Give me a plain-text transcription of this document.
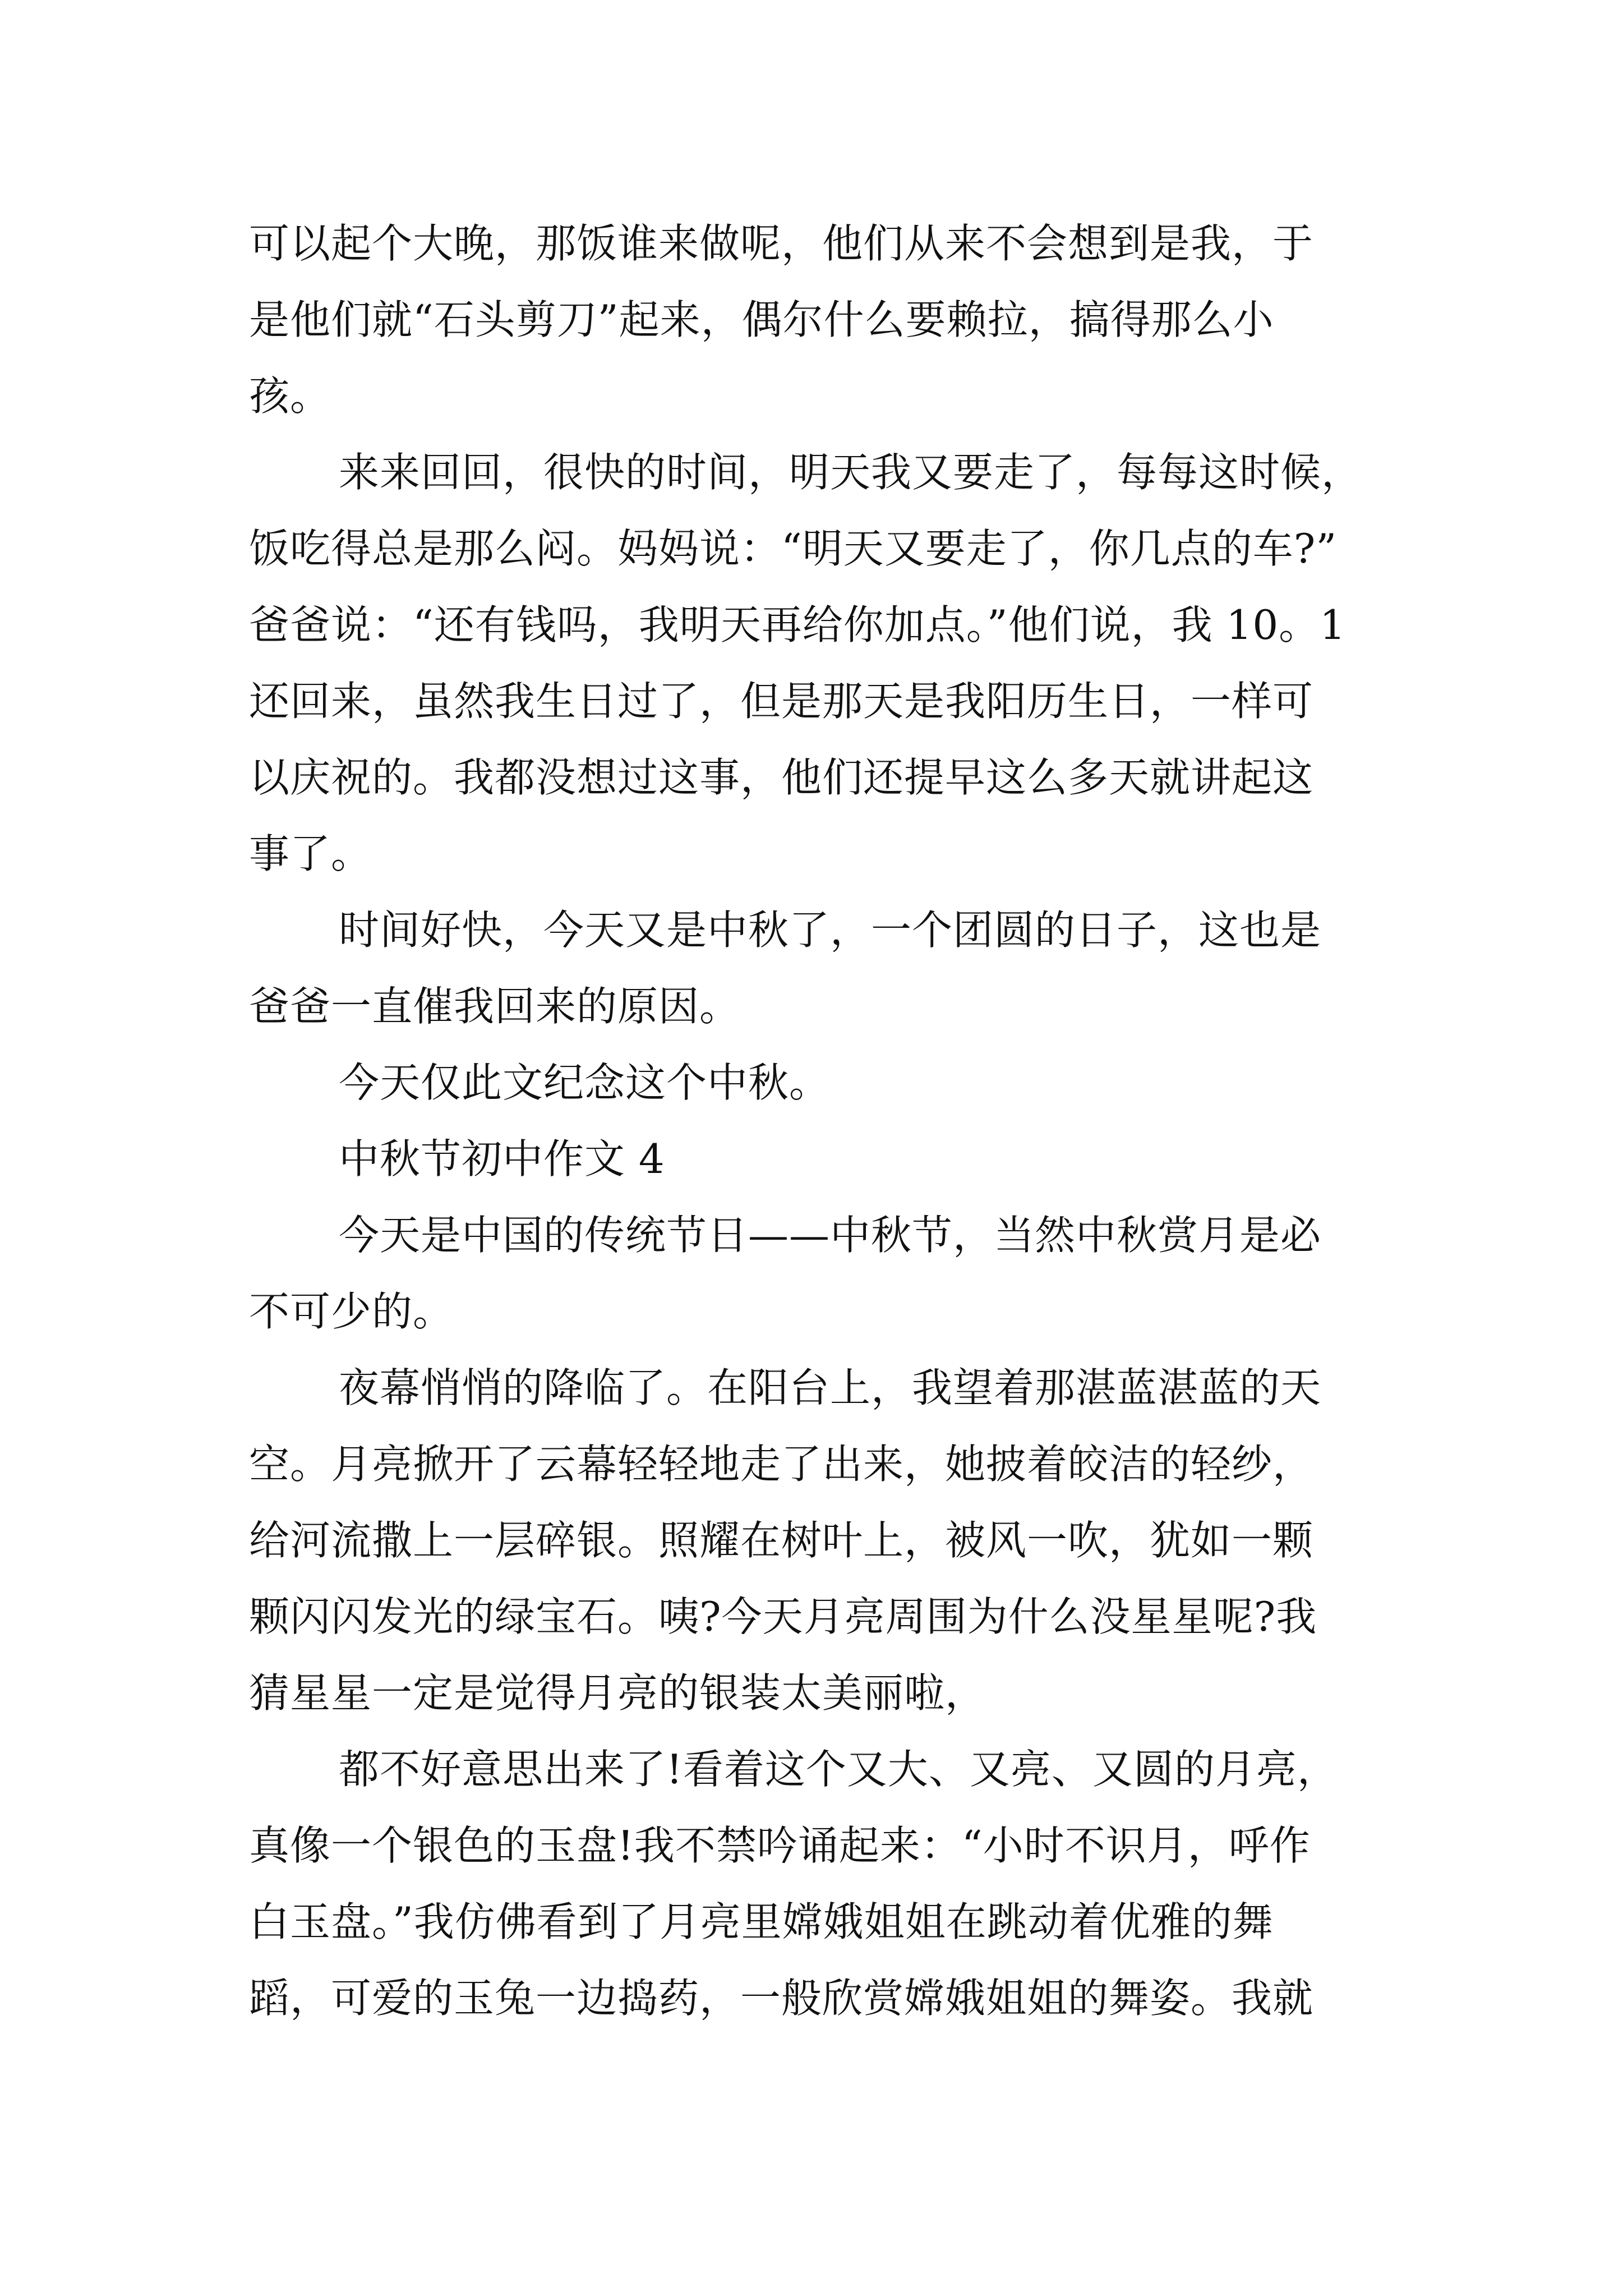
可以起个大晚，那饭谁来做呢，他们从来不会想到是我，于
是他们就“石头剪刀”起来，偶尔什么要赖拉，搞得那么小
孩。
来来回回，很快的时间，明天我又要走了，每每这时候，
饭吃得总是那么闷。妈妈说：“明天又要走了，你几点的车?”
爸爸说：“还有钱吗，我明天再给你加点。”他们说，我 10。1
还回来，虽然我生日过了，但是那天是我阳历生日，一样可
以庆祝的。我都没想过这事，他们还提早这么多天就讲起这
事了。
时间好快，今天又是中秋了，一个团圆的日子，这也是
爸爸一直催我回来的原因。
今天仅此文纪念这个中秋。
中秋节初中作文 4
今天是中国的传统节日——中秋节，当然中秋赏月是必
不可少的。
夜幕悄悄的降临了。在阳台上，我望着那湛蓝湛蓝的天
空。月亮掀开了云幕轻轻地走了出来，她披着皎洁的轻纱，
给河流撒上一层碎银。照耀在树叶上，被风一吹，犹如一颗
颗闪闪发光的绿宝石。咦?今天月亮周围为什么没星星呢?我
猜星星一定是觉得月亮的银装太美丽啦，
都不好意思出来了!看着这个又大、又亮、又圆的月亮，
真像一个银色的玉盘!我不禁吟诵起来：“小时不识月，呼作
白玉盘。”我仿佛看到了月亮里嫦娥姐姐在跳动着优雅的舞
蹈，可爱的玉兔一边捣药，一般欣赏嫦娥姐姐的舞姿。我就
